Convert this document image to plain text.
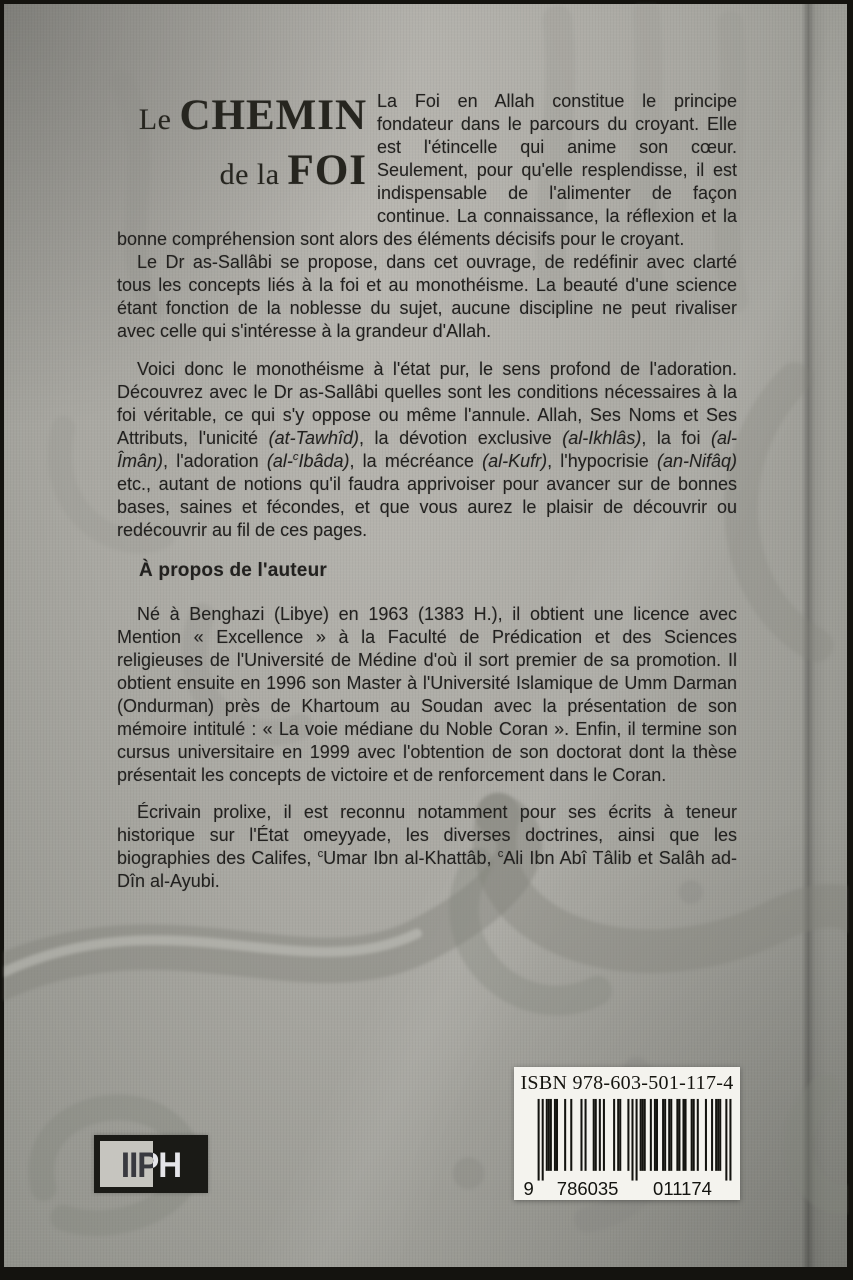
Le CHEMIN
de la FOI

La Foi en Allah constitue le principe fondateur dans le parcours du croyant. Elle est l'étincelle qui anime son cœur. Seulement, pour qu'elle resplendisse, il est indispensable de l'alimenter de façon continue. La connaissance, la réflexion et la bonne compréhension sont alors des éléments décisifs pour le croyant.

Le Dr as-Sallâbi se propose, dans cet ouvrage, de redéfinir avec clarté tous les concepts liés à la foi et au monothéisme. La beauté d'une science étant fonction de la noblesse du sujet, aucune discipline ne peut rivaliser avec celle qui s'intéresse à la grandeur d'Allah.

Voici donc le monothéisme à l'état pur, le sens profond de l'adoration. Découvrez avec le Dr as-Sallâbi quelles sont les conditions nécessaires à la foi véritable, ce qui s'y oppose ou même l'annule. Allah, Ses Noms et Ses Attributs, l'unicité (at-Tawhîd), la dévotion exclusive (al-Ikhlâs), la foi (al-Îmân), l'adoration (al-$^c$Ibâda), la mécréance (al-Kufr), l'hypocrisie (an-Nifâq) etc., autant de notions qu'il faudra apprivoiser pour avancer sur de bonnes bases, saines et fécondes, et que vous aurez le plaisir de découvrir ou redécouvrir au fil de ces pages.

À propos de l'auteur

Né à Benghazi (Libye) en 1963 (1383 H.), il obtient une licence avec Mention « Excellence » à la Faculté de Prédication et des Sciences religieuses de l'Université de Médine d'où il sort premier de sa promotion. Il obtient ensuite en 1996 son Master à l'Université Islamique de Umm Darman (Ondurman) près de Khartoum au Soudan avec la présentation de son mémoire intitulé : « La voie médiane du Noble Coran ». Enfin, il termine son cursus universitaire en 1999 avec l'obtention de son doctorat dont la thèse présentait les concepts de victoire et de renforcement dans le Coran.

Écrivain prolixe, il est reconnu notamment pour ses écrits à teneur historique sur l'État omeyyade, les diverses doctrines, ainsi que les biographies des Califes, $^c$Umar Ibn al-Khattâb, $^c$Ali Ibn Abî Tâlib et Salâh ad-Dîn al-Ayubi.

IIPH
ISBN 978-603-501-117-4
9 786035 011174
